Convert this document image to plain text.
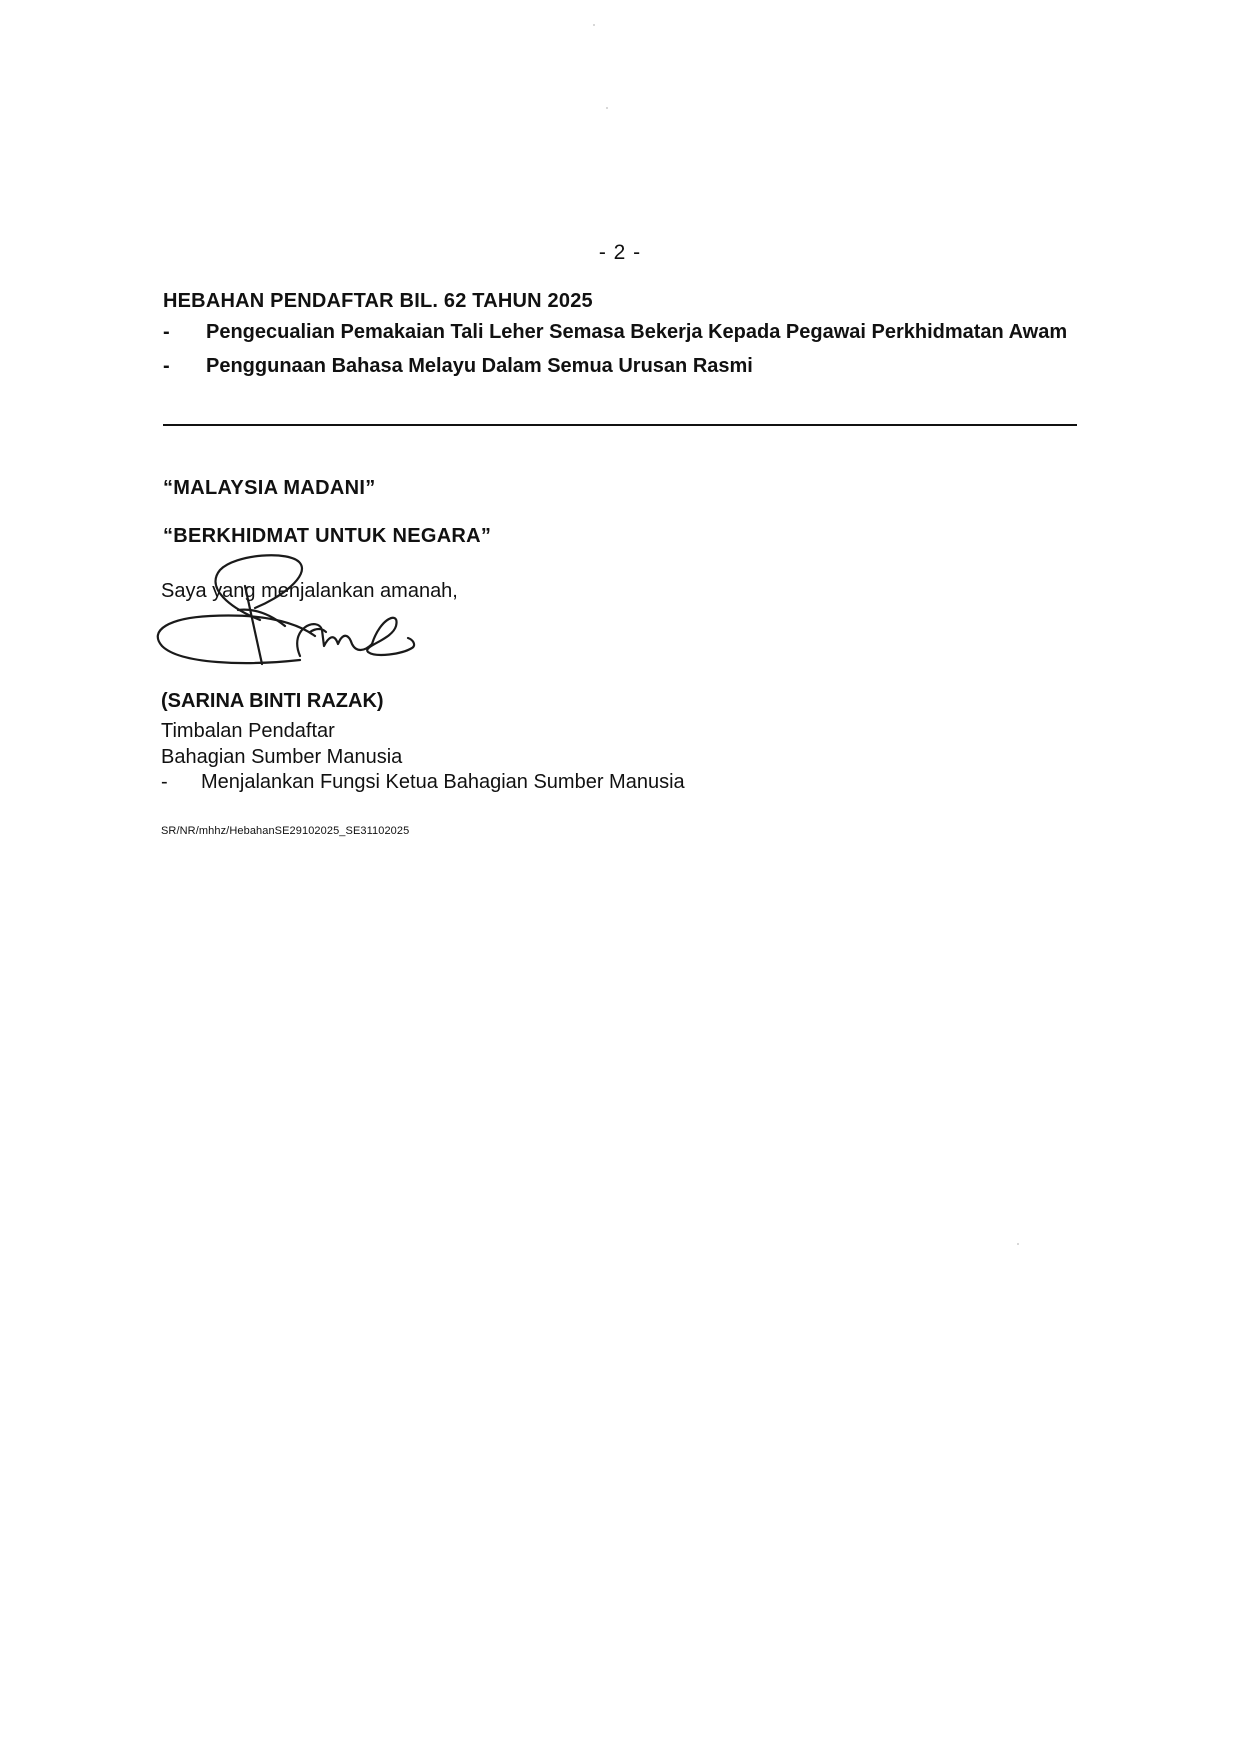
- 2 -
HEBAHAN PENDAFTAR BIL. 62 TAHUN 2025
- Pengecualian Pemakaian Tali Leher Semasa Bekerja Kepada Pegawai Perkhidmatan Awam
- Penggunaan Bahasa Melayu Dalam Semua Urusan Rasmi
“MALAYSIA MADANI”
“BERKHIDMAT UNTUK NEGARA”
Saya yang menjalankan amanah,
(SARINA BINTI RAZAK)
Timbalan Pendaftar
Bahagian Sumber Manusia
- Menjalankan Fungsi Ketua Bahagian Sumber Manusia
SR/NR/mhhz/HebahanSE29102025_SE31102025
